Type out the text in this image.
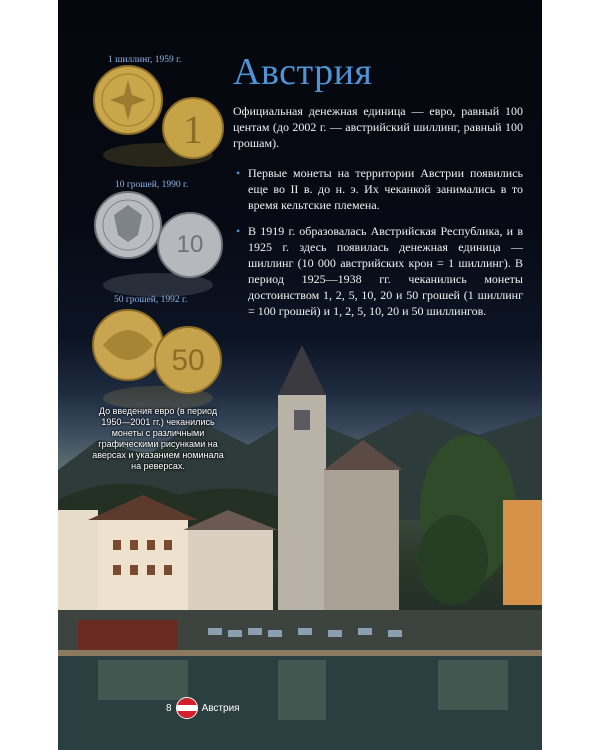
1
10
50
1 шиллинг, 1959 г.
10 грошей, 1990 г.
50 грошей, 1992 г.
Австрия

Официальная денежная единица — евро, равный 100 центам (до 2002 г. — австрийский шиллинг, равный 100 грошам).

• Первые монеты на территории Австрии появились еще во II в. до н. э. Их чеканкой занимались в то время кельтские племена.
• В 1919 г. образовалась Австрийская Республика, и в 1925 г. здесь появилась денежная единица — шиллинг (10 000 австрийских крон = 1 шиллинг). В период 1925—1938 гг. чеканились монеты достоинством 1, 2, 5, 10, 20 и 50 грошей (1 шиллинг = 100 грошей) и 1, 2, 5, 10, 20 и 50 шиллингов.

До введения евро (в период 1950—2001 гг.) чеканились монеты с различными графическими рисунками на аверсах и указанием номинала на реверсах.

8	Австрия
